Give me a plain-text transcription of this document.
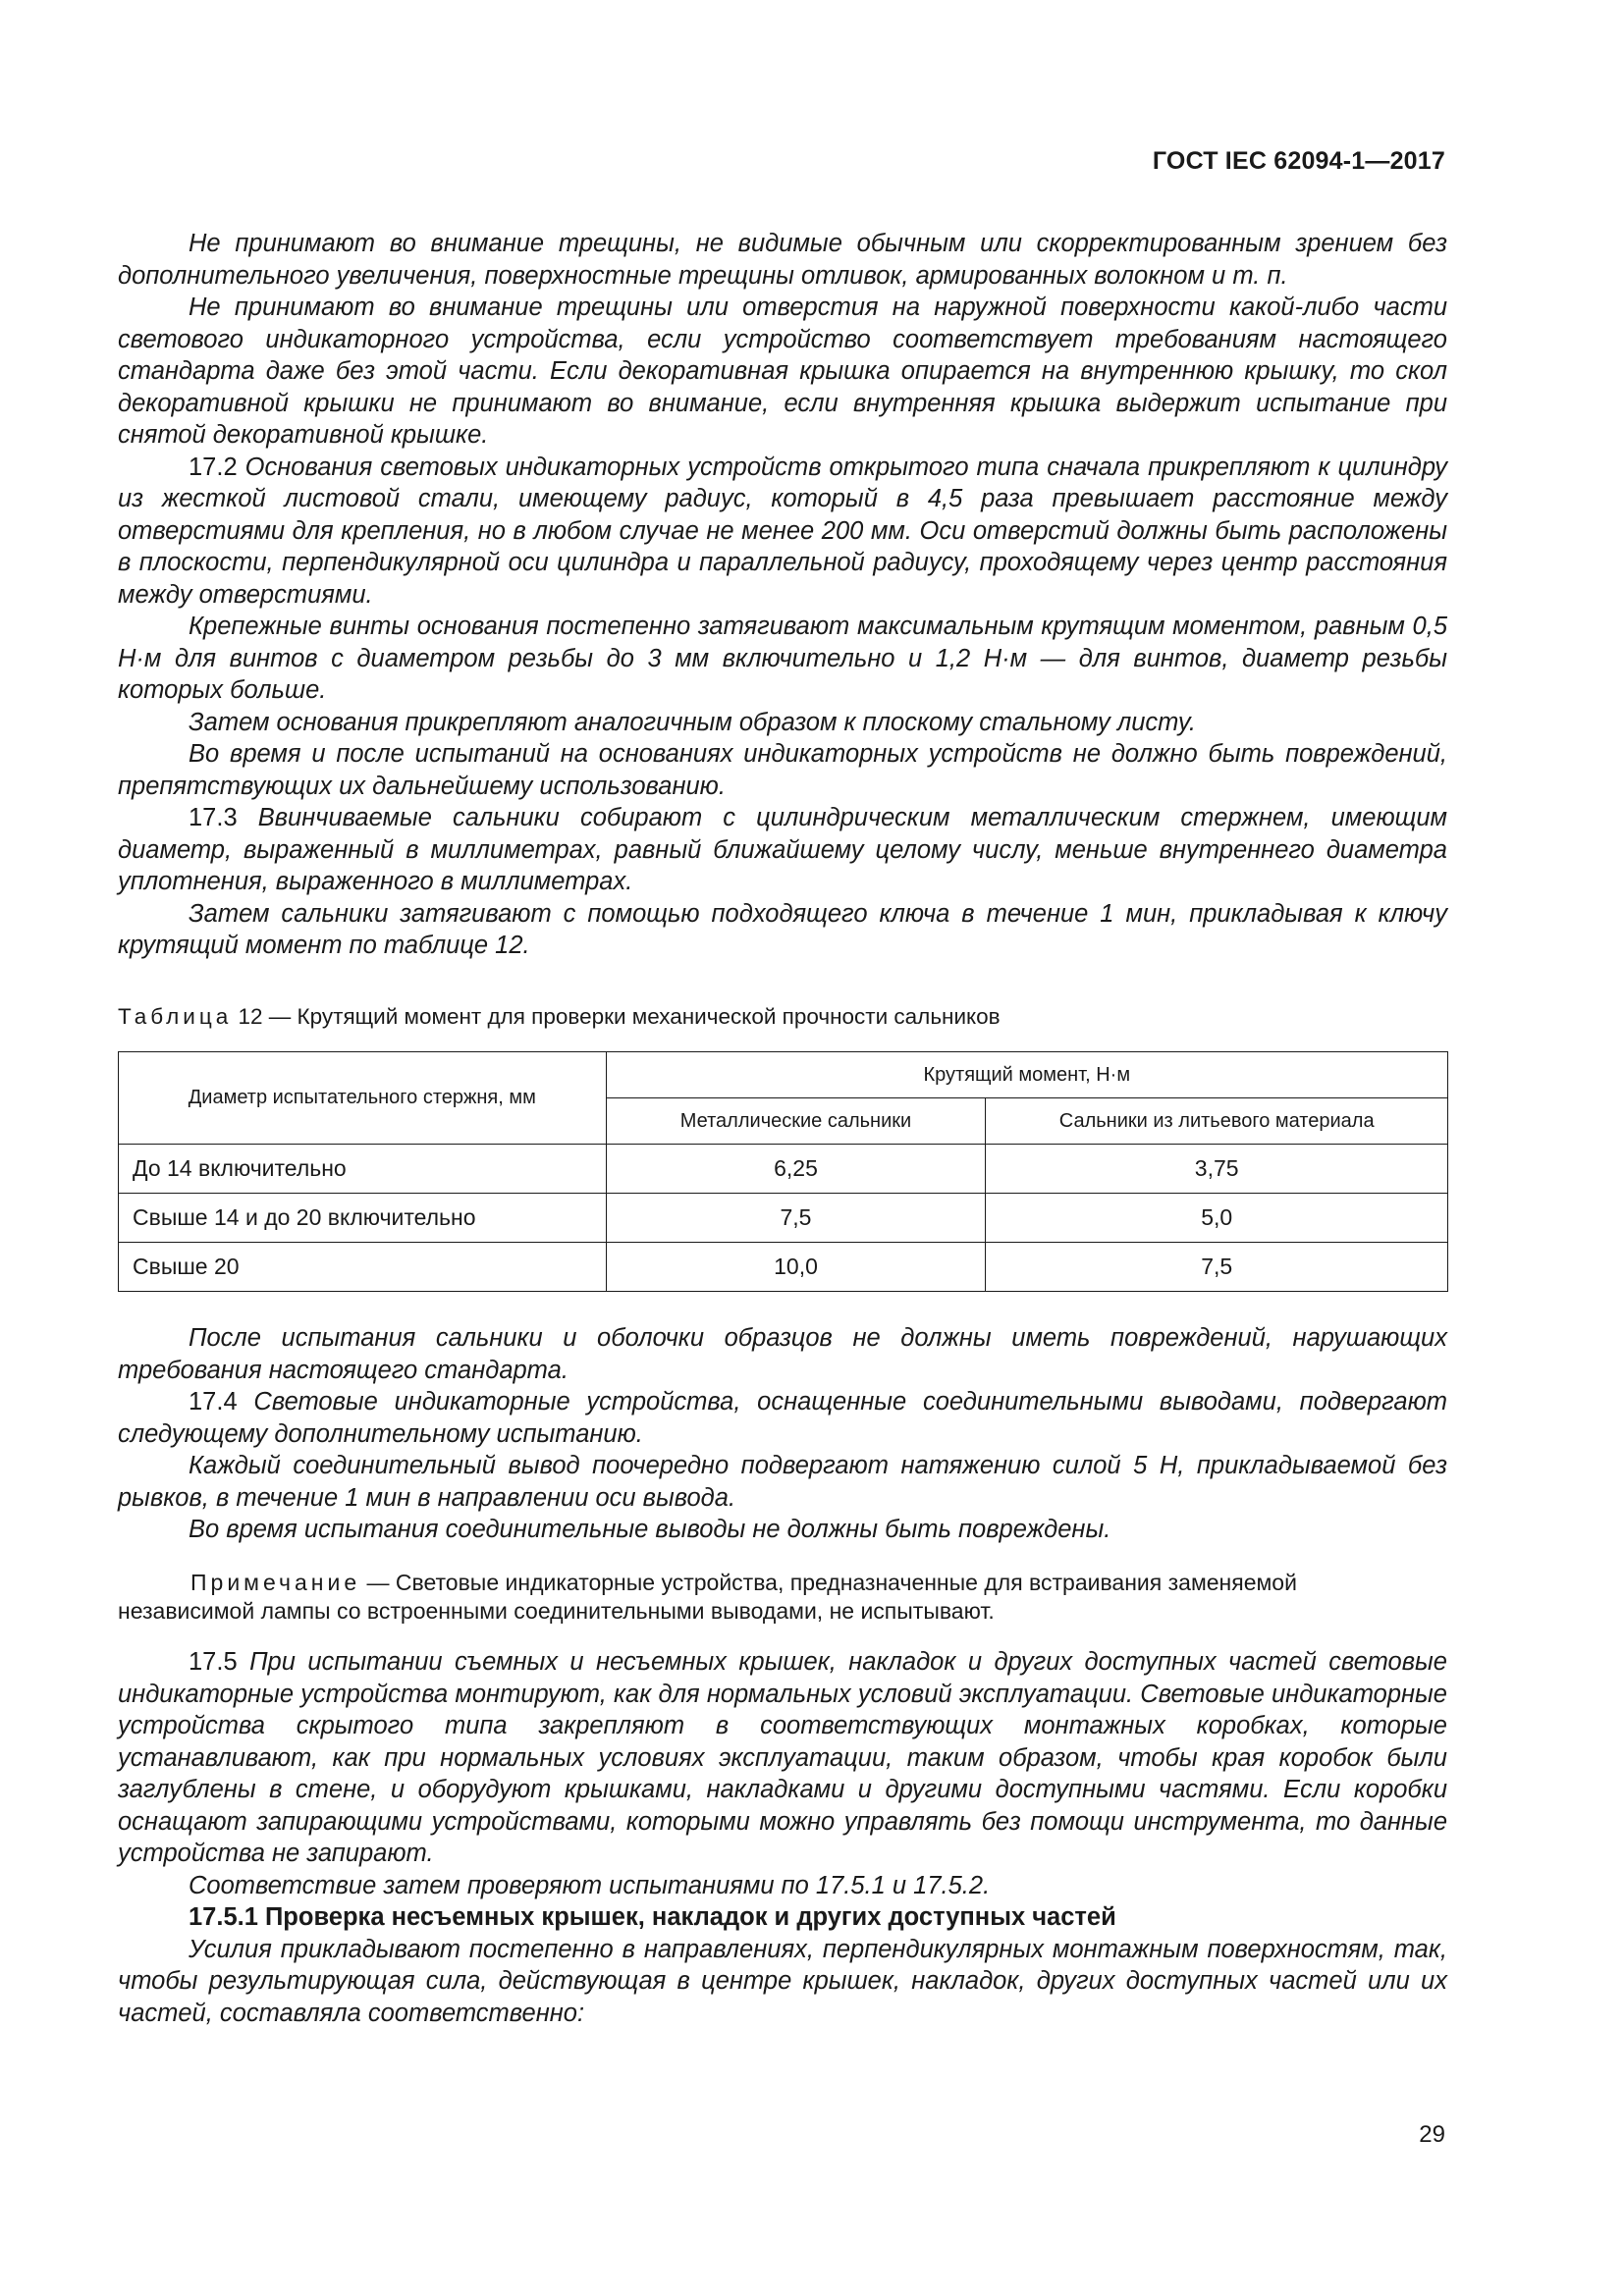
ГОСТ IEC 62094-1—2017

Не принимают во внимание трещины, не видимые обычным или скорректированным зрением без дополнительного увеличения, поверхностные трещины отливок, армированных волокном и т. п.

Не принимают во внимание трещины или отверстия на наружной поверхности какой-либо части светового индикаторного устройства, если устройство соответствует требованиям настоящего стандарта даже без этой части. Если декоративная крышка опирается на внутреннюю крышку, то скол декоративной крышки не принимают во внимание, если внутренняя крышка выдержит испытание при снятой декоративной крышке.

17.2 Основания световых индикаторных устройств открытого типа сначала прикрепляют к цилиндру из жесткой листовой стали, имеющему радиус, который в 4,5 раза превышает расстояние между отверстиями для крепления, но в любом случае не менее 200 мм. Оси отверстий должны быть расположены в плоскости, перпендикулярной оси цилиндра и параллельной радиусу, проходящему через центр расстояния между отверстиями.

Крепежные винты основания постепенно затягивают максимальным крутящим моментом, равным 0,5 Н·м для винтов с диаметром резьбы до 3 мм включительно и 1,2 Н·м — для винтов, диаметр резьбы которых больше.

Затем основания прикрепляют аналогичным образом к плоскому стальному листу.

Во время и после испытаний на основаниях индикаторных устройств не должно быть повреждений, препятствующих их дальнейшему использованию.

17.3 Ввинчиваемые сальники собирают с цилиндрическим металлическим стержнем, имеющим диаметр, выраженный в миллиметрах, равный ближайшему целому числу, меньше внутреннего диаметра уплотнения, выраженного в миллиметрах.

Затем сальники затягивают с помощью подходящего ключа в течение 1 мин, прикладывая к ключу крутящий момент по таблице 12.

Таблица 12 — Крутящий момент для проверки механической прочности сальников
Диаметр испытательного стержня, мм	Крутящий момент, Н·м	
	Металлические сальники	Сальники из литьевого материала
До 14 включительно	6,25	3,75
Свыше 14 и до 20 включительно	7,5	5,0
Свыше 20	10,0	7,5

После испытания сальники и оболочки образцов не должны иметь повреждений, нарушающих требования настоящего стандарта.

17.4 Световые индикаторные устройства, оснащенные соединительными выводами, подвергают следующему дополнительному испытанию.

Каждый соединительный вывод поочередно подвергают натяжению силой 5 Н, прикладываемой без рывков, в течение 1 мин в направлении оси вывода.

Во время испытания соединительные выводы не должны быть повреждены.

Примечание — Световые индикаторные устройства, предназначенные для встраивания заменяемой
независимой лампы со встроенными соединительными выводами, не испытывают.

17.5 При испытании съемных и несъемных крышек, накладок и других доступных частей световые индикаторные устройства монтируют, как для нормальных условий эксплуатации. Световые индикаторные устройства скрытого типа закрепляют в соответствующих монтажных коробках, которые устанавливают, как при нормальных условиях эксплуатации, таким образом, чтобы края коробок были заглублены в стене, и оборудуют крышками, накладками и другими доступными частями. Если коробки оснащают запирающими устройствами, которыми можно управлять без помощи инструмента, то данные устройства не запирают.

Соответствие затем проверяют испытаниями по 17.5.1 и 17.5.2.

17.5.1 Проверка несъемных крышек, накладок и других доступных частей

Усилия прикладывают постепенно в направлениях, перпендикулярных монтажным поверхностям, так, чтобы результирующая сила, действующая в центре крышек, накладок, других доступных частей или их частей, составляла соответственно:

29
